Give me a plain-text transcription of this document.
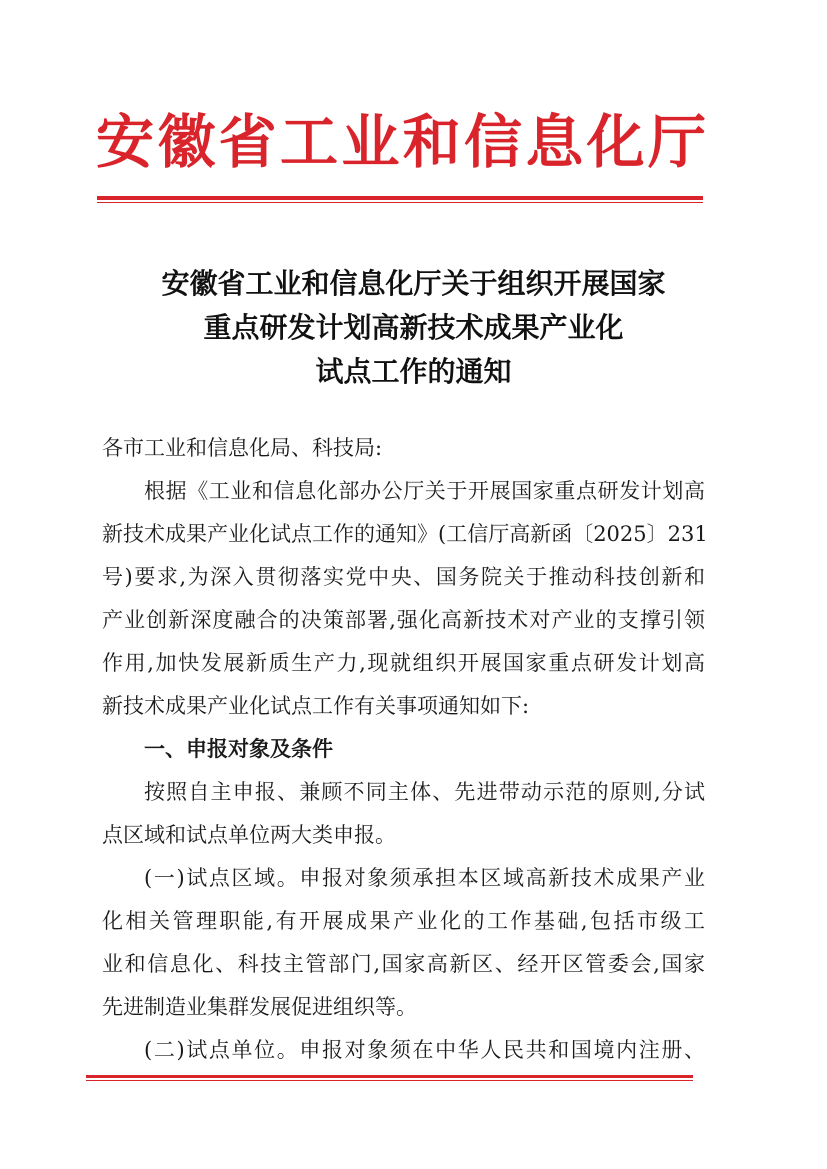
安徽省工业和信息化厅
安徽省工业和信息化厅关于组织开展国家
重点研发计划高新技术成果产业化
试点工作的通知

各市工业和信息化局、科技局:

根据《工业和信息化部办公厅关于开展国家重点研发计划高
新技术成果产业化试点工作的通知》(工信厅高新函〔2025〕231
号)要求,为深入贯彻落实党中央、国务院关于推动科技创新和
产业创新深度融合的决策部署,强化高新技术对产业的支撑引领
作用,加快发展新质生产力,现就组织开展国家重点研发计划高
新技术成果产业化试点工作有关事项通知如下:

一、申报对象及条件

按照自主申报、兼顾不同主体、先进带动示范的原则,分试
点区域和试点单位两大类申报。

(一)试点区域。申报对象须承担本区域高新技术成果产业
化相关管理职能,有开展成果产业化的工作基础,包括市级工
业和信息化、科技主管部门,国家高新区、经开区管委会,国家
先进制造业集群发展促进组织等。

(二)试点单位。申报对象须在中华人民共和国境内注册、
